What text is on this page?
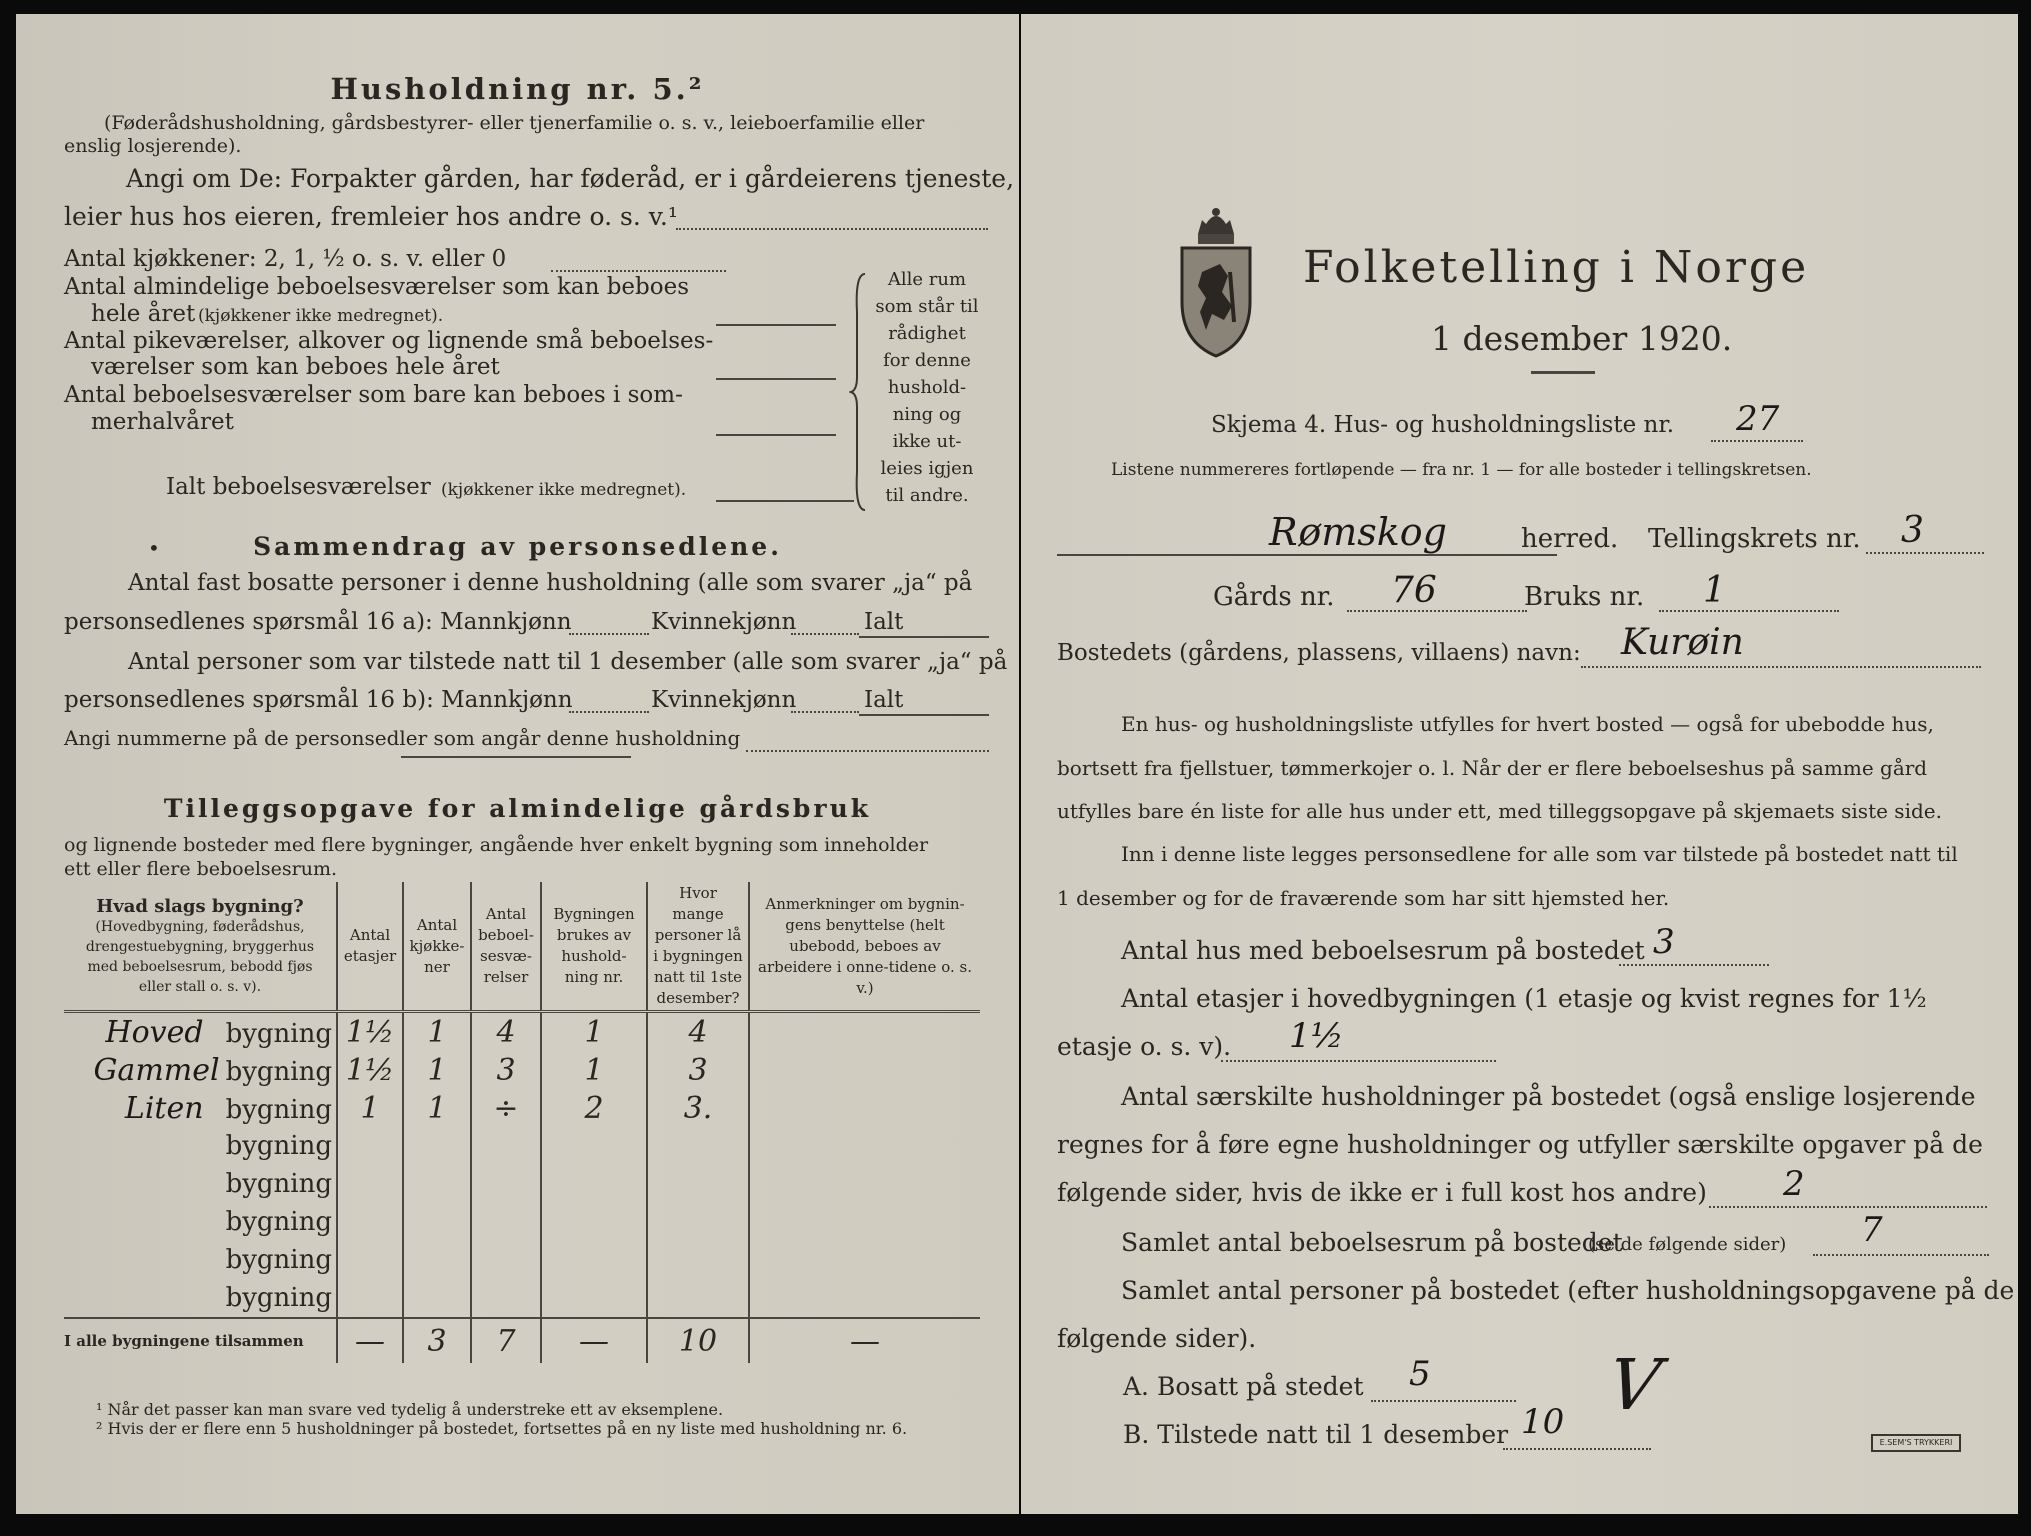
Husholdning nr. 5.²
(Føderådshusholdning, gårdsbestyrer- eller tjenerfamilie o. s. v., leieboerfamilie eller
enslig losjerende).
Angi om De: Forpakter gården, har føderåd, er i gårdeierens tjeneste,
leier hus hos eieren, fremleier hos andre o. s. v.¹
Antal kjøkkener: 2, 1, ½ o. s. v. eller 0
Antal almindelige beboelsesværelser som kan beboes
hele året (kjøkkener ikke medregnet).
Antal pikeværelser, alkover og lignende små beboelses-
værelser som kan beboes hele året
Antal beboelsesværelser som bare kan beboes i som-
merhalvåret
Ialt beboelsesværelser (kjøkkener ikke medregnet).
Alle rum
som står til
rådighet
for denne
hushold-
ning og
ikke ut-
leies igjen
til andre.
•	Sammendrag av personsedlene.
Antal fast bosatte personer i denne husholdning (alle som svarer „ja“ på
personsedlenes spørsmål 16 a): Mannkjønn	Kvinnekjønn	Ialt
Antal personer som var tilstede natt til 1 desember (alle som svarer „ja“ på
personsedlenes spørsmål 16 b): Mannkjønn	Kvinnekjønn	Ialt
Angi nummerne på de personsedler som angår denne husholdning
Tilleggsopgave for almindelige gårdsbruk
og lignende bosteder med flere bygninger, angående hver enkelt bygning som inneholder
ett eller flere beboelsesrum.
Hvad slags bygning?
(Hovedbygning, føderådshus, drengestuebygning, bryggerhus med beboelsesrum, bebodd fjøs eller stall o. s. v).	Antal etasjer	Antal kjøkke-ner	Antal beboel-sesvæ-relser	Bygningen brukes av hushold-ning nr.	Hvor mange personer lå i bygningen natt til 1ste desember?	Anmerkninger om bygnin-gens benyttelse (helt ubebodd, beboes av arbeidere i onne-tidene o. s. v.)

Hoved bygning	1½	1	4	1	4	
Gammel bygning	1½	1	3	1	3	
Liten bygning	1	1	÷	2	3.	
bygning						
bygning						
bygning						
bygning						
bygning						
I alle bygningene tilsammen	—	3	7	—	10	—
¹ Når det passer kan man svare ved tydelig å understreke ett av eksemplene.
² Hvis der er flere enn 5 husholdninger på bostedet, fortsettes på en ny liste med husholdning nr. 6.
Folketelling i Norge
1 desember 1920.
Skjema 4. Hus- og husholdningsliste nr. 27
Listene nummereres fortløpende — fra nr. 1 — for alle bosteder i tellingskretsen.
Rømskog	herred. Tellingskrets nr. 3
Gårds nr. 76	Bruks nr. 1
Bostedets (gårdens, plassens, villaens) navn: Kurøin
En hus- og husholdningsliste utfylles for hvert bosted — også for ubebodde hus,
bortsett fra fjellstuer, tømmerkojer o. l. Når der er flere beboelseshus på samme gård
utfylles bare én liste for alle hus under ett, med tilleggsopgave på skjemaets siste side.
Inn i denne liste legges personsedlene for alle som var tilstede på bostedet natt til
1 desember og for de fraværende som har sitt hjemsted her.
Antal hus med beboelsesrum på bostedet 3
Antal etasjer i hovedbygningen (1 etasje og kvist regnes for 1½
etasje o. s. v). 1½
Antal særskilte husholdninger på bostedet (også enslige losjerende
regnes for å føre egne husholdninger og utfyller særskilte opgaver på de
følgende sider, hvis de ikke er i full kost hos andre) 2
Samlet antal beboelsesrum på bostedet
(se de følgende sider) 7
Samlet antal personer på bostedet (efter husholdningsopgavene på de
følgende sider).
A. Bosatt på stedet 5
B. Tilstede natt til 1 desember 10 V
E.SEM'S TRYKKERI
